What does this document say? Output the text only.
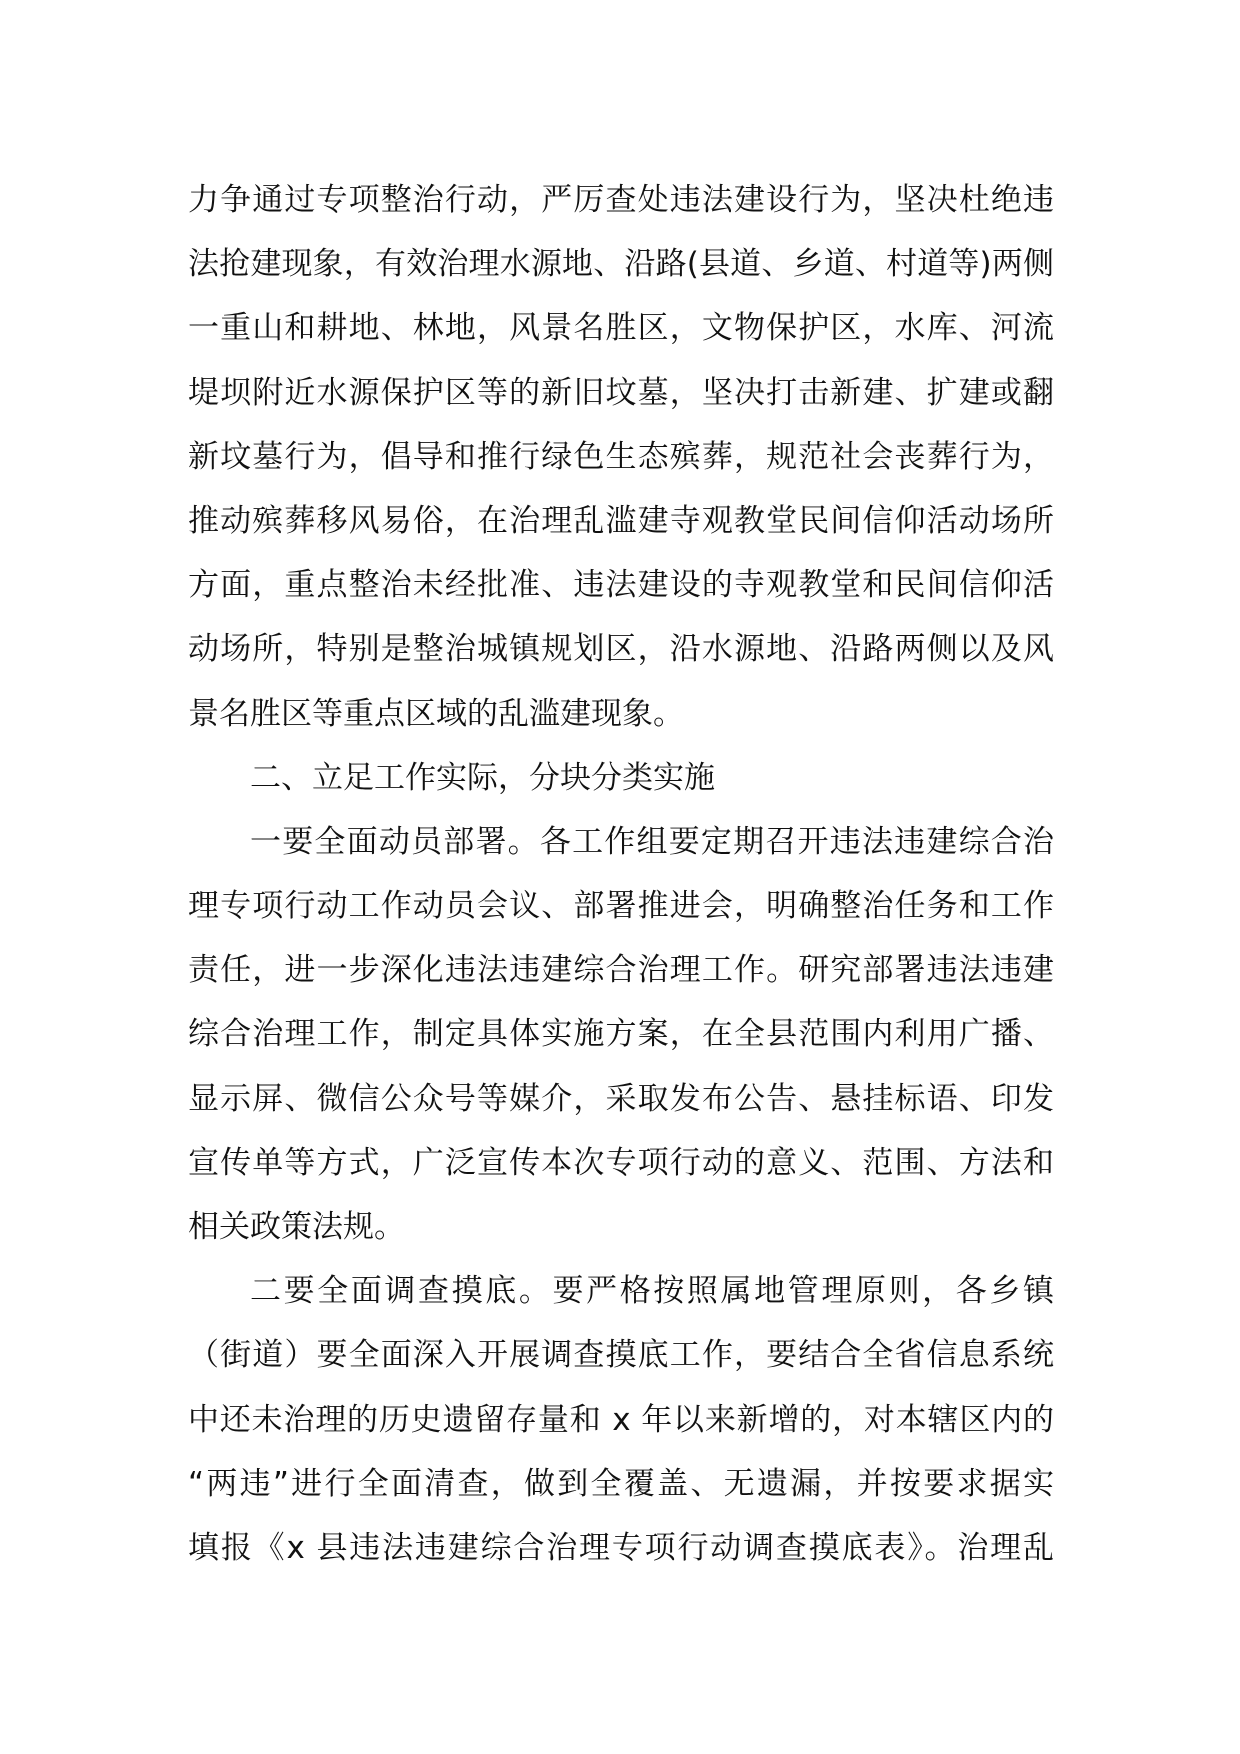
力争通过专项整治行动，严厉查处违法建设行为，坚决杜绝违
法抢建现象，有效治理水源地、沿路(县道、乡道、村道等)两侧
一重山和耕地、林地，风景名胜区，文物保护区，水库、河流
堤坝附近水源保护区等的新旧坟墓，坚决打击新建、扩建或翻
新坟墓行为，倡导和推行绿色生态殡葬，规范社会丧葬行为，
推动殡葬移风易俗，在治理乱滥建寺观教堂民间信仰活动场所
方面，重点整治未经批准、违法建设的寺观教堂和民间信仰活
动场所，特别是整治城镇规划区，沿水源地、沿路两侧以及风
景名胜区等重点区域的乱滥建现象。
二、立足工作实际，分块分类实施
一要全面动员部署。各工作组要定期召开违法违建综合治
理专项行动工作动员会议、部署推进会，明确整治任务和工作
责任，进一步深化违法违建综合治理工作。研究部署违法违建
综合治理工作，制定具体实施方案，在全县范围内利用广播、
显示屏、微信公众号等媒介，采取发布公告、悬挂标语、印发
宣传单等方式，广泛宣传本次专项行动的意义、范围、方法和
相关政策法规。
二要全面调查摸底。要严格按照属地管理原则，各乡镇
（街道）要全面深入开展调查摸底工作，要结合全省信息系统
中还未治理的历史遗留存量和 x 年以来新增的，对本辖区内的
“两违”进行全面清查，做到全覆盖、无遗漏，并按要求据实
填报《x 县违法违建综合治理专项行动调查摸底表》。治理乱
